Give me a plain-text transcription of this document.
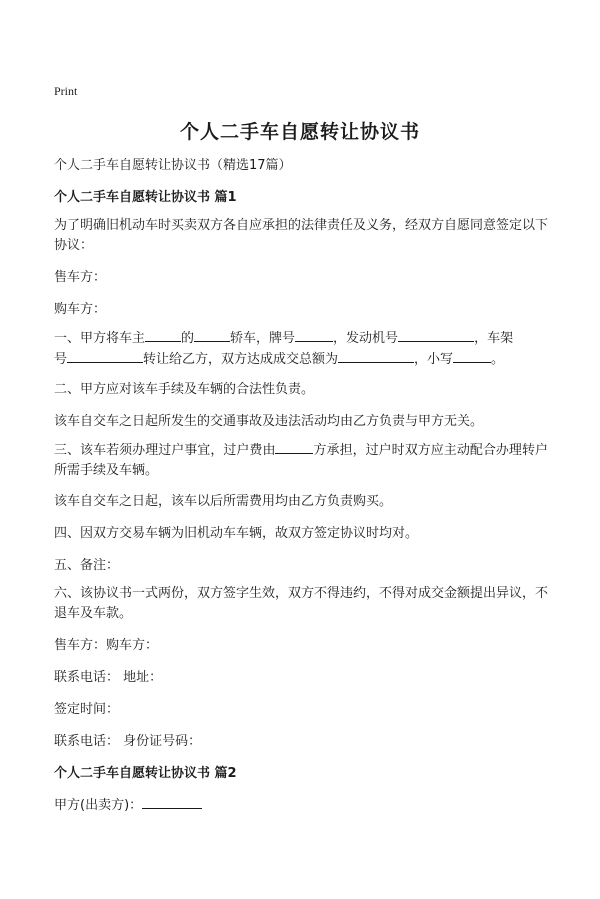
Print
个人二手车自愿转让协议书

个人二手车自愿转让协议书（精选17篇）

个人二手车自愿转让协议书 篇1

为了明确旧机动车时买卖双方各自应承担的法律责任及义务，经双方自愿同意签定以下协议：

售车方：

购车方：

一、甲方将车主	的	轿车，牌号	，发动机号	，车架
号	转让给乙方，双方达成成交总额为	，小写	。

二、甲方应对该车手续及车辆的合法性负责。

该车自交车之日起所发生的交通事故及违法活动均由乙方负责与甲方无关。

三、该车若须办理过户事宜，过户费由	方承担，过户时双方应主动配合办理转户所需手续及车辆。

该车自交车之日起，该车以后所需费用均由乙方负责购买。

四、因双方交易车辆为旧机动车车辆，故双方签定协议时均对。

五、备注：

六、该协议书一式两份，双方签字生效，双方不得违约，不得对成交金额提出异议，不退车及车款。

售车方：购车方：

联系电话： 地址：

签定时间：

联系电话： 身份证号码：

个人二手车自愿转让协议书 篇2

甲方(出卖方)：
